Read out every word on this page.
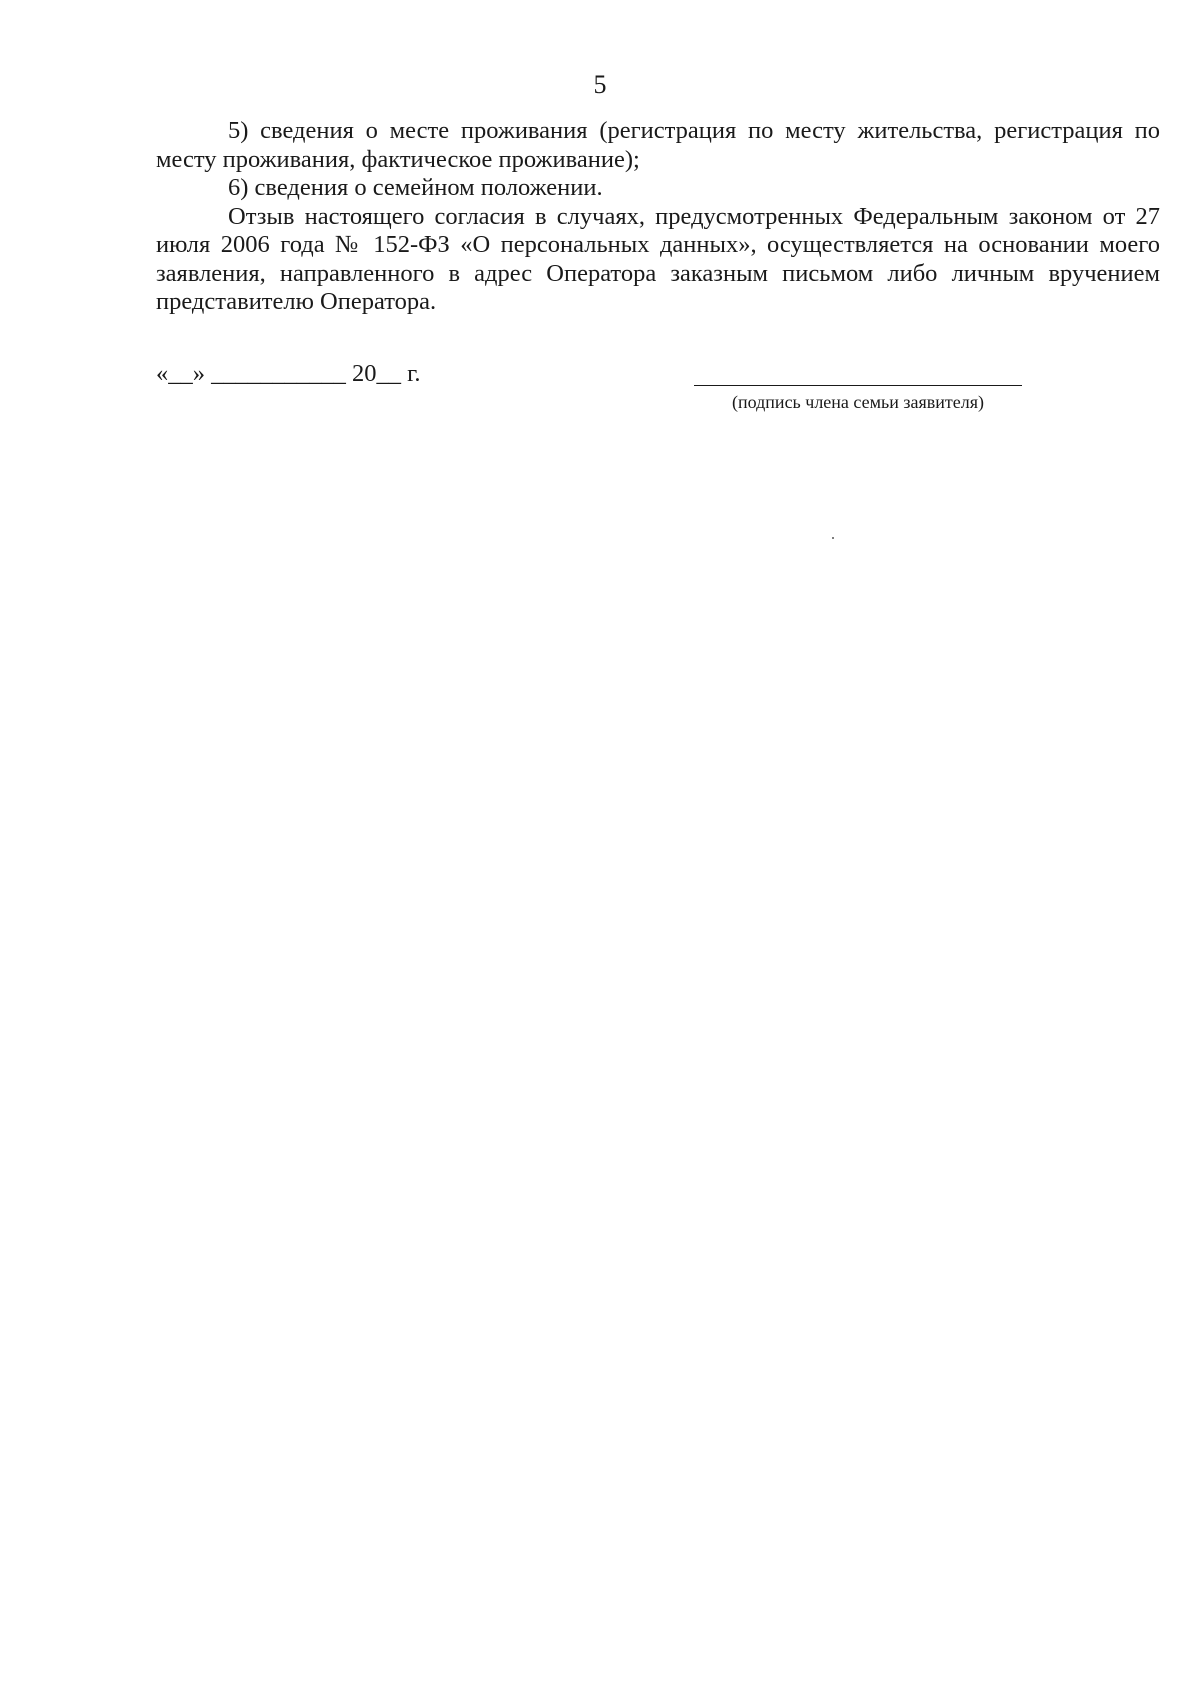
5

5) сведения о месте проживания (регистрация по месту жительства, регистрация по месту проживания, фактическое проживание);

6) сведения о семейном положении.

Отзыв настоящего согласия в случаях, предусмотренных Федеральным законом от 27 июля 2006 года № 152-ФЗ «О персональных данных», осуществляется на основании моего заявления, направленного в адрес Оператора заказным письмом либо личным вручением представителю Оператора.

«__» ___________ 20__ г.
(подпись члена семьи заявителя)
